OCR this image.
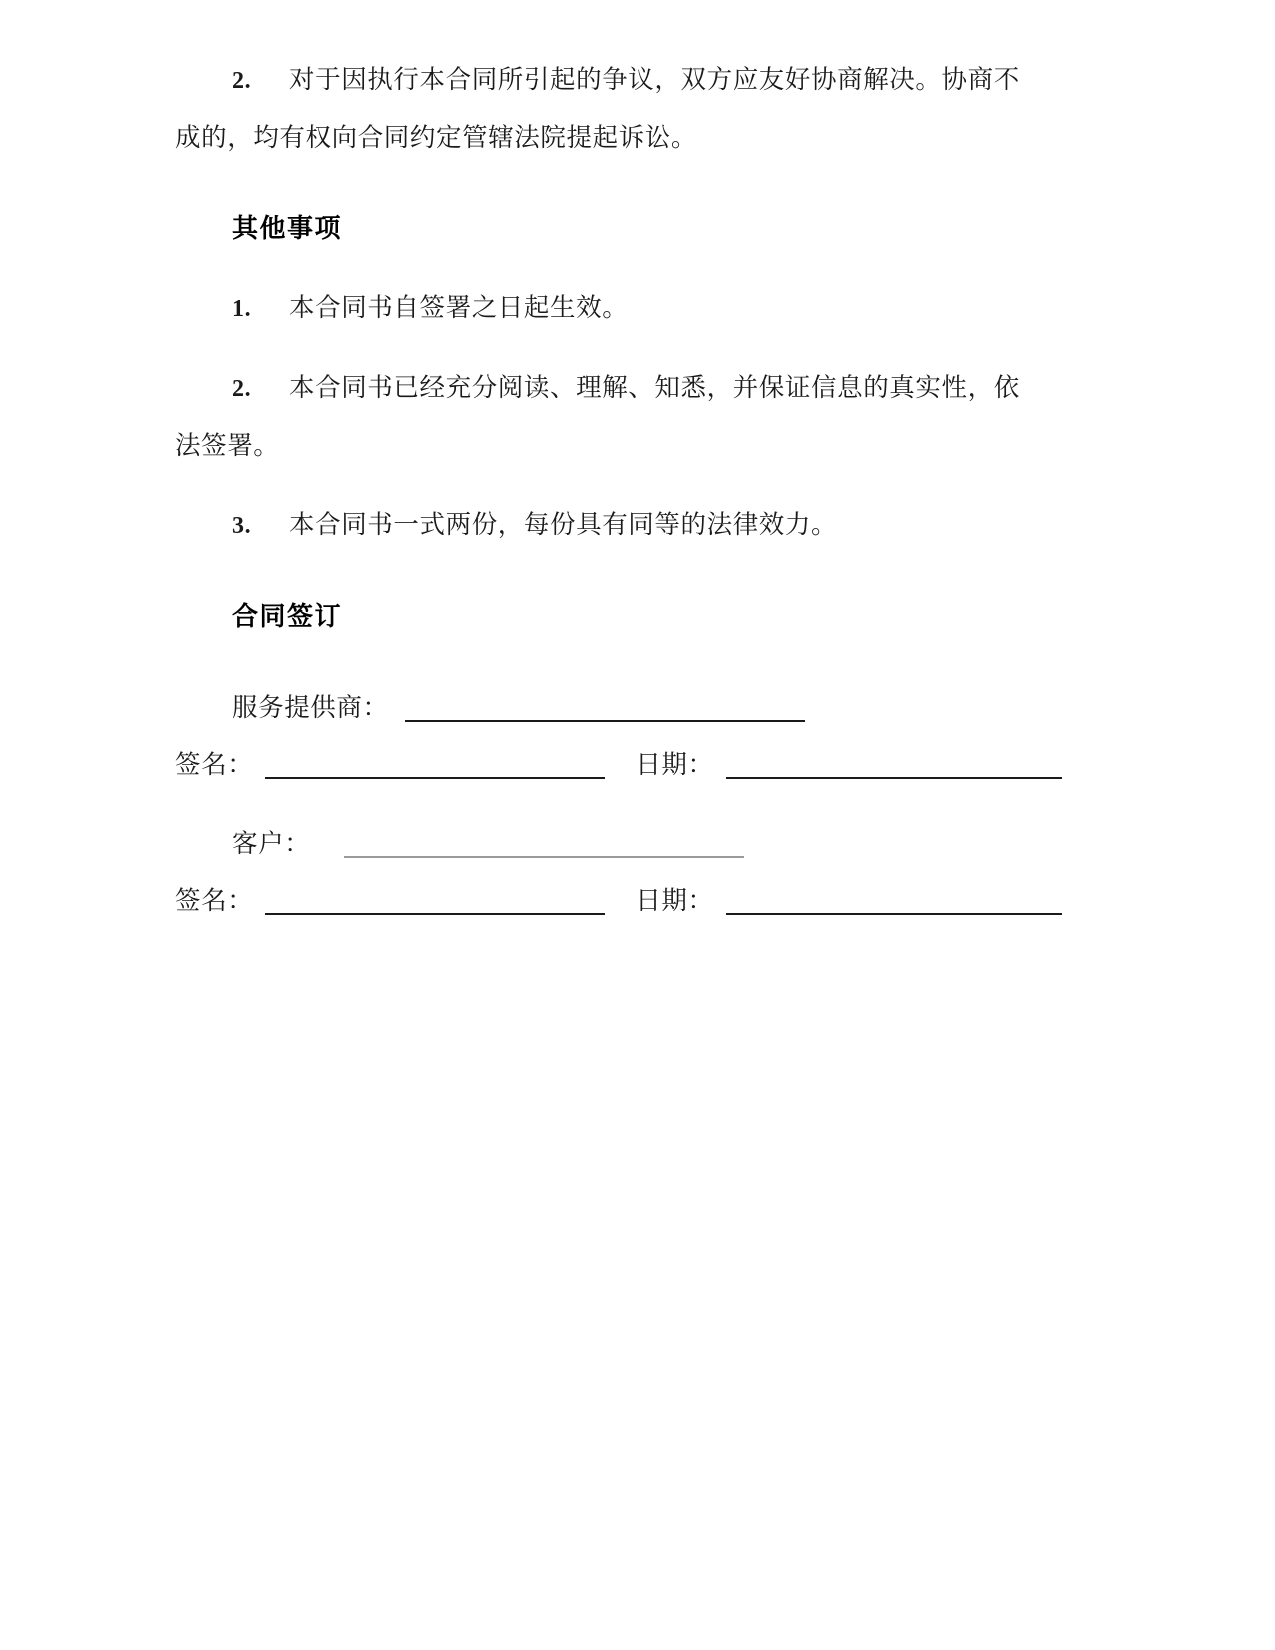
2. 对于因执行本合同所引起的争议，双方应友好协商解决。协商不成的，均有权向合同约定管辖法院提起诉讼。

其他事项

1. 本合同书自签署之日起生效。

2. 本合同书已经充分阅读、理解、知悉，并保证信息的真实性，依法签署。

3. 本合同书一式两份，每份具有同等的法律效力。

合同签订
服务提供商：
签名：	日期：
客户：
签名：	日期：
